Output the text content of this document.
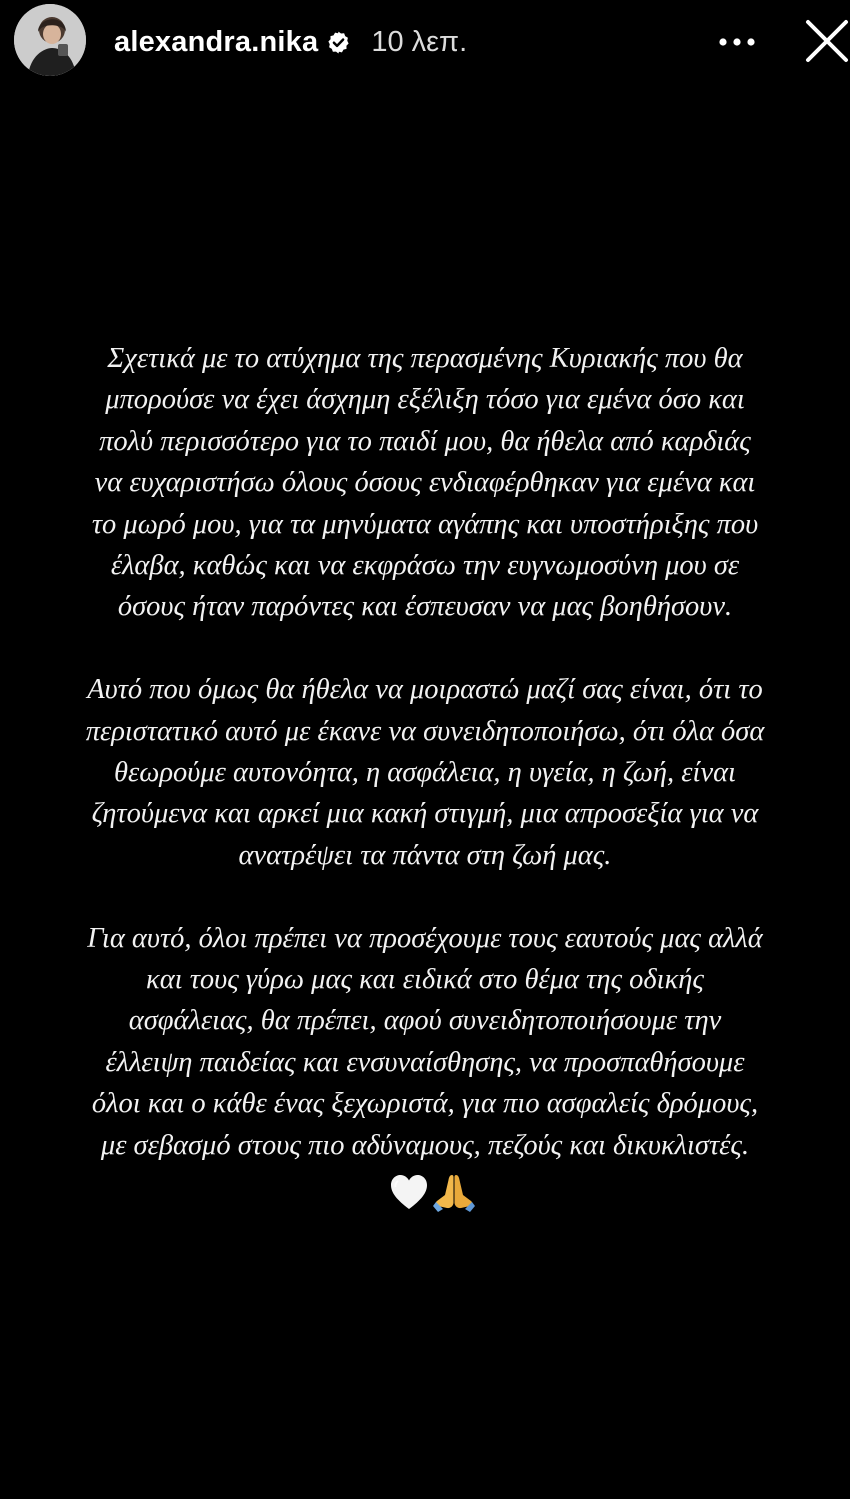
alexandra.nika 10 λεπ.

Σχετικά με το ατύχημα της περασμένης Κυριακής που θα
μπορούσε να έχει άσχημη εξέλιξη τόσο για εμένα όσο και
πολύ περισσότερο για το παιδί μου, θα ήθελα από καρδιάς
να ευχαριστήσω όλους όσους ενδιαφέρθηκαν για εμένα και
το μωρό μου, για τα μηνύματα αγάπης και υποστήριξης που
έλαβα, καθώς και να εκφράσω την ευγνωμοσύνη μου σε
όσους ήταν παρόντες και έσπευσαν να μας βοηθήσουν.

Αυτό που όμως θα ήθελα να μοιραστώ μαζί σας είναι, ότι το
περιστατικό αυτό με έκανε να συνειδητοποιήσω, ότι όλα όσα
θεωρούμε αυτονόητα, η ασφάλεια, η υγεία, η ζωή, είναι
ζητούμενα και αρκεί μια κακή στιγμή, μια απροσεξία για να
ανατρέψει τα πάντα στη ζωή μας.

Για αυτό, όλοι πρέπει να προσέχουμε τους εαυτούς μας αλλά
και τους γύρω μας και ειδικά στο θέμα της οδικής
ασφάλειας, θα πρέπει, αφού συνειδητοποιήσουμε την
έλλειψη παιδείας και ενσυναίσθησης, να προσπαθήσουμε
όλοι και ο κάθε ένας ξεχωριστά, για πιο ασφαλείς δρόμους,
με σεβασμό στους πιο αδύναμους, πεζούς και δικυκλιστές.
